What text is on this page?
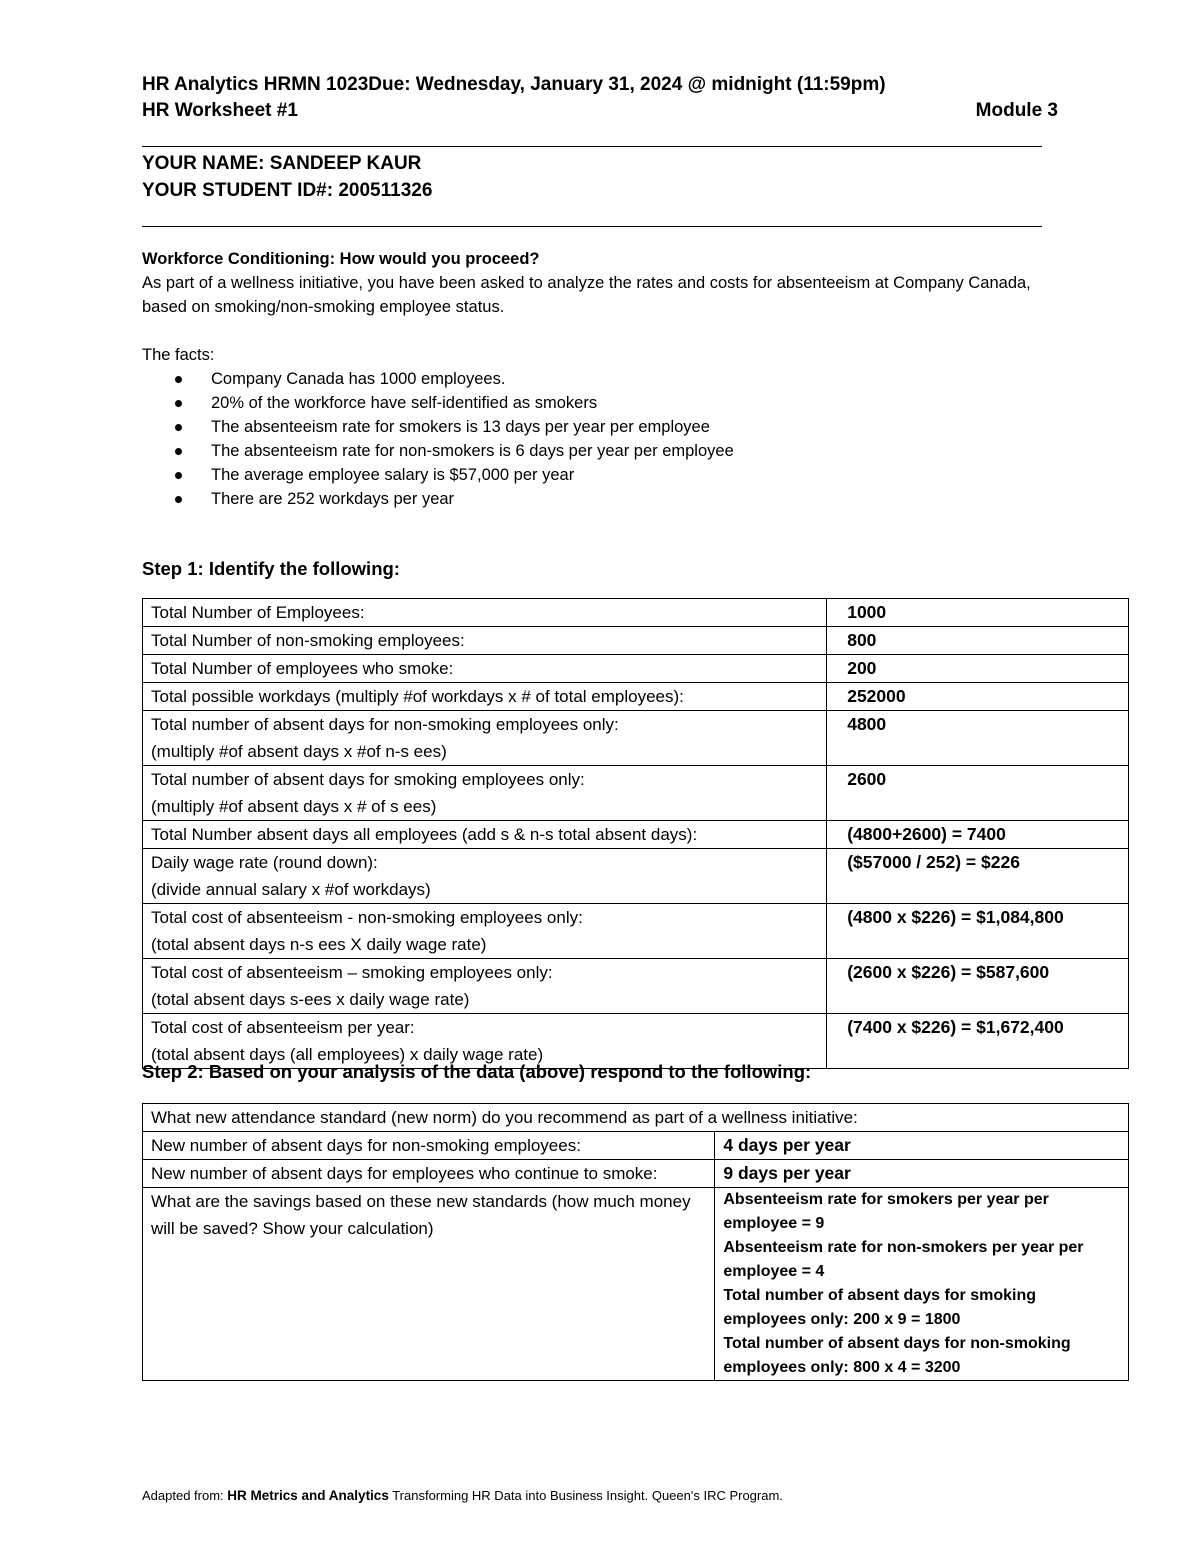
HR Analytics HRMN 1023Due: Wednesday, January 31, 2024 @ midnight (11:59pm)
HR Worksheet #1	Module 3
YOUR NAME: SANDEEP KAUR
YOUR STUDENT ID#: 200511326
Workforce Conditioning: How would you proceed?
As part of a wellness initiative, you have been asked to analyze the rates and costs for absenteeism at Company Canada, based on smoking/non-smoking employee status.
The facts:
Company Canada has 1000 employees.
20% of the workforce have self-identified as smokers
The absenteeism rate for smokers is 13 days per year per employee
The absenteeism rate for non-smokers is 6 days per year per employee
The average employee salary is $57,000 per year
There are 252 workdays per year
Step 1: Identify the following:
Total Number of Employees:	1000

Total Number of non-smoking employees:	800

Total Number of employees who smoke:	200

Total possible workdays (multiply #of workdays x # of total employees):	252000

Total number of absent days for non-smoking employees only:
(multiply #of absent days x #of n-s ees)	4800

Total number of absent days for smoking employees only:
(multiply #of absent days x # of s ees)	2600

Total Number absent days all employees (add s & n-s total absent days):	(4800+2600) = 7400

Daily wage rate (round down):
(divide annual salary x #of workdays)	($57000 / 252) = $226

Total cost of absenteeism - non-smoking employees only:
(total absent days n-s ees X daily wage rate)	(4800 x $226) = $1,084,800

Total cost of absenteeism – smoking employees only:
(total absent days s-ees x daily wage rate)	(2600 x $226) = $587,600

Total cost of absenteeism per year:
(total absent days (all employees) x daily wage rate)	(7400 x $226) = $1,672,400
Step 2: Based on your analysis of the data (above) respond to the following:
What new attendance standard (new norm) do you recommend as part of a wellness initiative:	
New number of absent days for non-smoking employees:	4 days per year
New number of absent days for employees who continue to smoke:	9 days per year
What are the savings based on these new standards (how much money will be saved? Show your calculation)	Absenteeism rate for smokers per year per employee = 9
Absenteeism rate for non-smokers per year per employee = 4
Total number of absent days for smoking employees only: 200 x 9 = 1800
Total number of absent days for non-smoking employees only: 800 x 4 = 3200
Adapted from: HR Metrics and Analytics Transforming HR Data into Business Insight. Queen's IRC Program.
